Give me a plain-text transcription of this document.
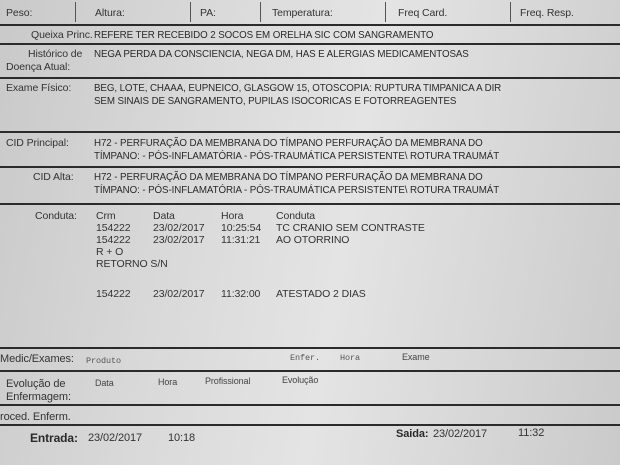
Peso:	Altura:	PA:	Temperatura:	Freq Card.	Freq. Resp.
Queixa Princ. REFERE TER RECEBIDO 2 SOCOS EM ORELHA SIC COM SANGRAMENTO
Histórico de
Doença Atual:
NEGA PERDA DA CONSCIENCIA, NEGA DM, HAS E ALERGIAS MEDICAMENTOSAS
Exame Físico: BEG, LOTE, CHAAA, EUPNEICO, GLASGOW 15, OTOSCOPIA: RUPTURA TIMPANICA A DIR
SEM SINAIS DE SANGRAMENTO, PUPILAS ISOCORICAS E FOTORREAGENTES
CID Principal: H72 - PERFURAÇÃO DA MEMBRANA DO TÍMPANO PERFURAÇÃO DA MEMBRANA DO
TÍMPANO: - PÓS-INFLAMATÓRIA - PÓS-TRAUMÁTICA PERSISTENTE\ ROTURA TRAUMÁT
CID Alta: H72 - PERFURAÇÃO DA MEMBRANA DO TÍMPANO PERFURAÇÃO DA MEMBRANA DO
TÍMPANO: - PÓS-INFLAMATÓRIA - PÓS-TRAUMÁTICA PERSISTENTE\ ROTURA TRAUMÁT
Conduta: Crm	Data	Hora	Conduta
154222 23/02/2017 10:25:54 TC CRANIO SEM CONTRASTE
154222 23/02/2017 11:31:21 AO OTORRINO
R + O
RETORNO S/N
154222 23/02/2017 11:32:00 ATESTADO 2 DIAS
Medic/Exames: Produto	Enfer. Hora	Exame
Evolução de
Enfermagem:
Data	Hora	Profissional	Evolução
roced. Enferm.
Entrada: 23/02/2017 10:18	Saida: 23/02/2017	11:32
